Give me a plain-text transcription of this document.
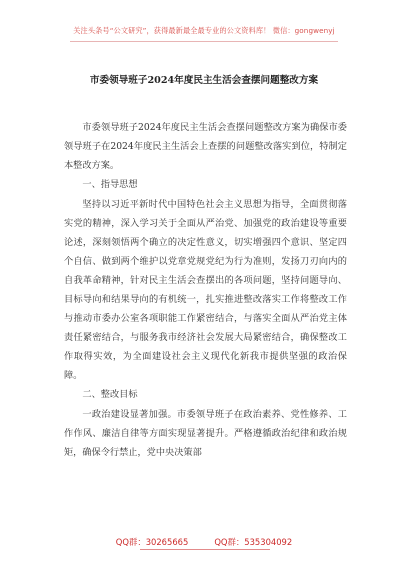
关注头条号“公文研究”，获得最新最全最专业的公文资料库！ 微信：gongwenyj
市委领导班子2024年度民主生活会查摆问题整改方案

市委领导班子2024年度民主生活会查摆问题整改方案为确保市委领导班子在2024年度民主生活会上查摆的问题整改落实到位，特制定本整改方案。

一、指导思想

坚持以习近平新时代中国特色社会主义思想为指导，全面贯彻落实党的精神，深入学习关于全面从严治党、加强党的政治建设等重要论述，深刻领悟两个确立的决定性意义，切实增强四个意识、坚定四个自信、做到两个维护以党章党规党纪为行为准则，发扬刀刃向内的自我革命精神，针对民主生活会查摆出的各项问题，坚持问题导向、目标导向和结果导向的有机统一，扎实推进整改落实工作将整改工作与推动市委办公室各项职能工作紧密结合，与落实全面从严治党主体责任紧密结合，与服务我市经济社会发展大局紧密结合，确保整改工作取得实效，为全面建设社会主义现代化新我市提供坚强的政治保障。

二、整改目标

一政治建设显著加强。市委领导班子在政治素养、党性修养、工作作风、廉洁自律等方面实现显著提升。严格遵循政治纪律和政治规矩，确保令行禁止，党中央决策部

QQ群：30265665	QQ群：535304092
